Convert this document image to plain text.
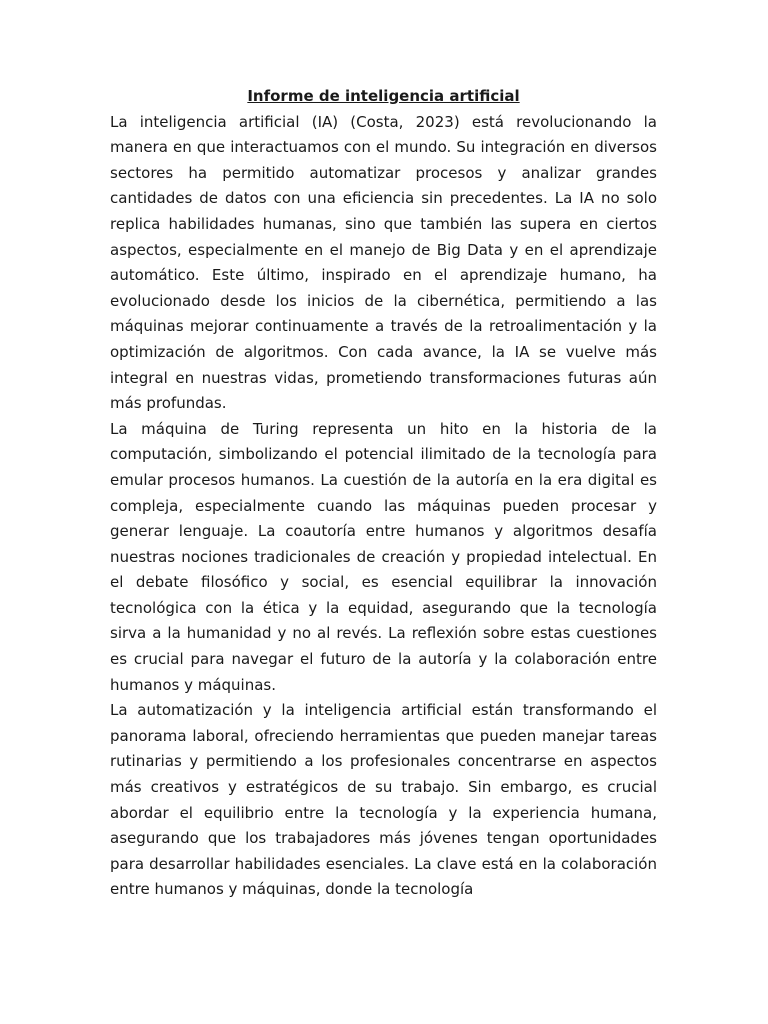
Informe de inteligencia artificial

La inteligencia artificial (IA) (Costa, 2023) está revolucionando la manera en que interactuamos con el mundo. Su integración en diversos sectores ha permitido automatizar procesos y analizar grandes cantidades de datos con una eficiencia sin precedentes. La IA no solo replica habilidades humanas, sino que también las supera en ciertos aspectos, especialmente en el manejo de Big Data y en el aprendizaje automático. Este último, inspirado en el aprendizaje humano, ha evolucionado desde los inicios de la cibernética, permitiendo a las máquinas mejorar continuamente a través de la retroalimentación y la optimización de algoritmos. Con cada avance, la IA se vuelve más integral en nuestras vidas, prometiendo transformaciones futuras aún más profundas.

La máquina de Turing representa un hito en la historia de la computación, simbolizando el potencial ilimitado de la tecnología para emular procesos humanos. La cuestión de la autoría en la era digital es compleja, especialmente cuando las máquinas pueden procesar y generar lenguaje. La coautoría entre humanos y algoritmos desafía nuestras nociones tradicionales de creación y propiedad intelectual. En el debate filosófico y social, es esencial equilibrar la innovación tecnológica con la ética y la equidad, asegurando que la tecnología sirva a la humanidad y no al revés. La reflexión sobre estas cuestiones es crucial para navegar el futuro de la autoría y la colaboración entre humanos y máquinas.

La automatización y la inteligencia artificial están transformando el panorama laboral, ofreciendo herramientas que pueden manejar tareas rutinarias y permitiendo a los profesionales concentrarse en aspectos más creativos y estratégicos de su trabajo. Sin embargo, es crucial abordar el equilibrio entre la tecnología y la experiencia humana, asegurando que los trabajadores más jóvenes tengan oportunidades para desarrollar habilidades esenciales. La clave está en la colaboración entre humanos y máquinas, donde la tecnología
